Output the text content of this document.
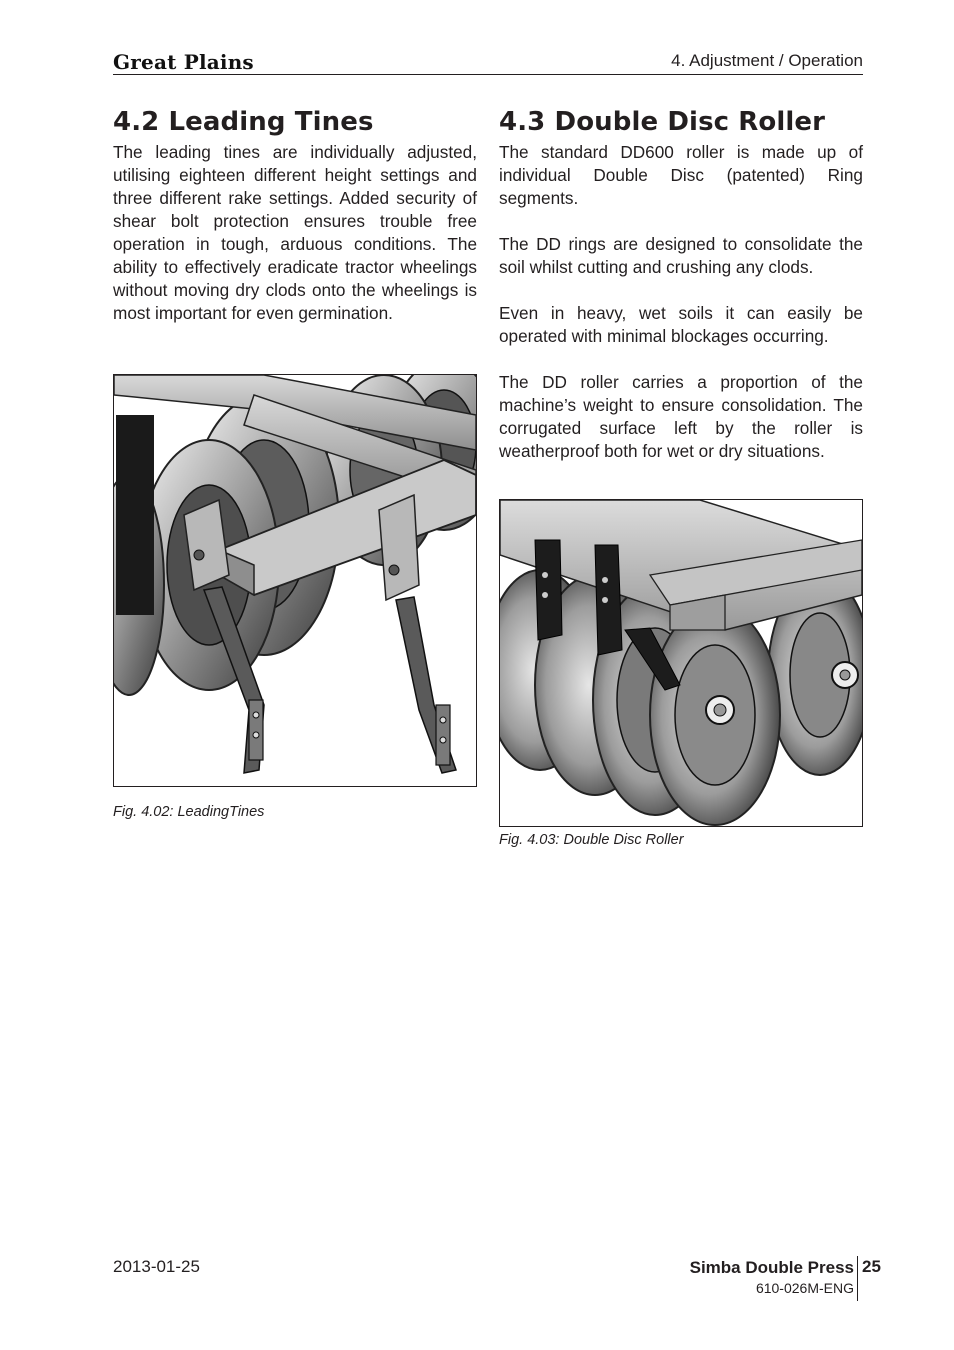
Great Plains	4. Adjustment / Operation
4.2 Leading Tines

The leading tines are individually adjusted, utilising eighteen different height settings and three different rake settings. Added security of shear bolt protection ensures trouble free operation in tough, arduous conditions. The ability to effectively eradicate tractor wheelings without moving dry clods onto the wheelings is most important for even germination.

4.3 Double Disc Roller

The standard DD600 roller is made up of individual Double Disc (patented) Ring segments.

The DD rings are designed to consolidate the soil whilst cutting and crushing any clods.

Even in heavy, wet soils it can easily be operated with minimal blockages occurring.

The DD roller carries a proportion of the machine’s weight to ensure consolidation. The corrugated surface left by the roller is weatherproof both for wet or dry situations.

Fig. 4.02: LeadingTines
Fig. 4.03: Double Disc Roller
2013-01-25	Simba Double Press
610-026M-ENG
25
